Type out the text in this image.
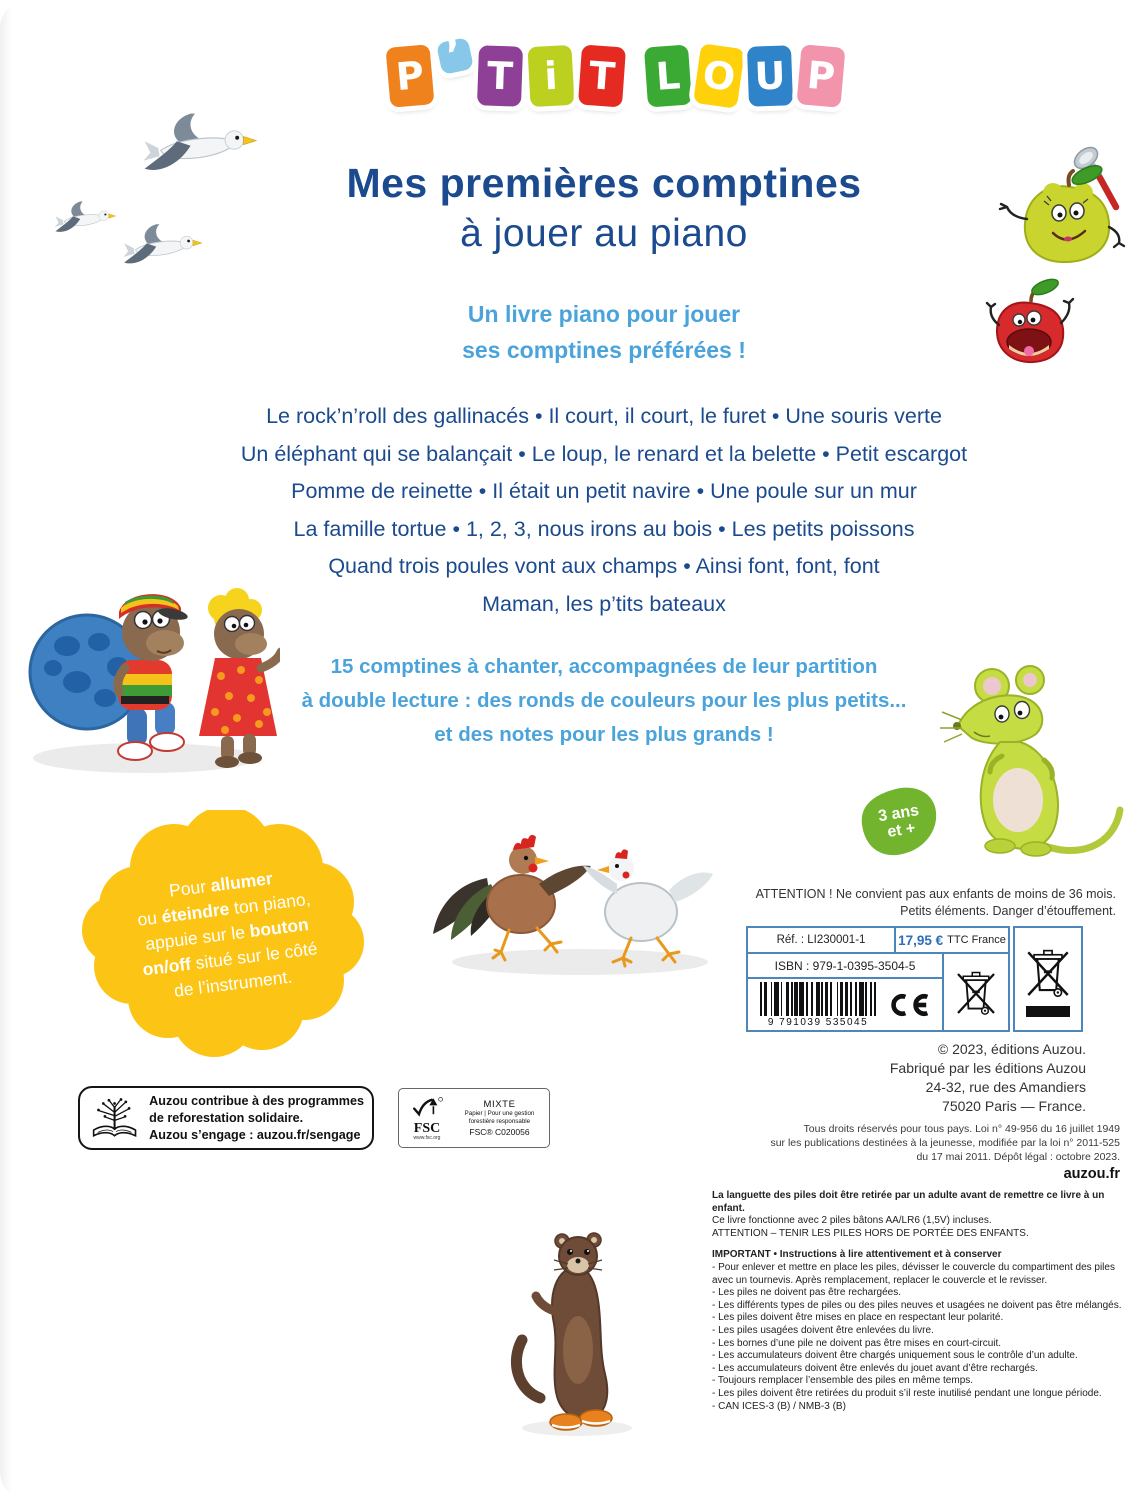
P ’ T i T L O U P
Mes premières comptines
à jouer au piano
Un livre piano pour jouer
ses comptines préférées !
Le rock’n’roll des gallinacés • Il court, il court, le furet • Une souris verte
Un éléphant qui se balançait • Le loup, le renard et la belette • Petit escargot
Pomme de reinette • Il était un petit navire • Une poule sur un mur
La famille tortue • 1, 2, 3, nous irons au bois • Les petits poissons
Quand trois poules vont aux champs • Ainsi font, font, font
Maman, les p’tits bateaux
15 comptines à chanter, accompagnées de leur partition
à double lecture : des ronds de couleurs pour les plus petits...
et des notes pour les plus grands !
Pour allumer
ou éteindre ton piano,
appuie sur le bouton
on/off situé sur le côté
de l’instrument.
3 ans
et +
ATTENTION ! Ne convient pas aux enfants de moins de 36 mois.
Petits éléments. Danger d’étouffement.
Réf. : LI230001-1	17,95 € TTC France
ISBN : 979-1-0395-3504-5
9 791039 535045
© 2023, éditions Auzou.
Fabriqué par les éditions Auzou
24-32, rue des Amandiers
75020 Paris — France.
Tous droits réservés pour tous pays. Loi n° 49-956 du 16 juillet 1949
sur les publications destinées à la jeunesse, modifiée par la loi n° 2011-525
du 17 mai 2011. Dépôt légal : octobre 2023.
auzou.fr
Auzou contribue à des programmes
de reforestation solidaire.
Auzou s’engage : auzou.fr/sengage	FSC
www.fsc.org
MIXTE
Papier | Pour une gestion
forestière responsable
FSC® C020056
La languette des piles doit être retirée par un adulte avant de remettre ce livre à un enfant.
Ce livre fonctionne avec 2 piles bâtons AA/LR6 (1,5V) incluses.
ATTENTION – TENIR LES PILES HORS DE PORTÉE DES ENFANTS.
IMPORTANT • Instructions à lire attentivement et à conserver
- Pour enlever et mettre en place les piles, dévisser le couvercle du compartiment des piles avec un tournevis. Après remplacement, replacer le couvercle et le revisser.
- Les piles ne doivent pas être rechargées.
- Les différents types de piles ou des piles neuves et usagées ne doivent pas être mélangés.
- Les piles doivent être mises en place en respectant leur polarité.
- Les piles usagées doivent être enlevées du livre.
- Les bornes d’une pile ne doivent pas être mises en court-circuit.
- Les accumulateurs doivent être chargés uniquement sous le contrôle d’un adulte.
- Les accumulateurs doivent être enlevés du jouet avant d’être rechargés.
- Toujours remplacer l’ensemble des piles en même temps.
- Les piles doivent être retirées du produit s’il reste inutilisé pendant une longue période.
- CAN ICES-3 (B) / NMB-3 (B)
